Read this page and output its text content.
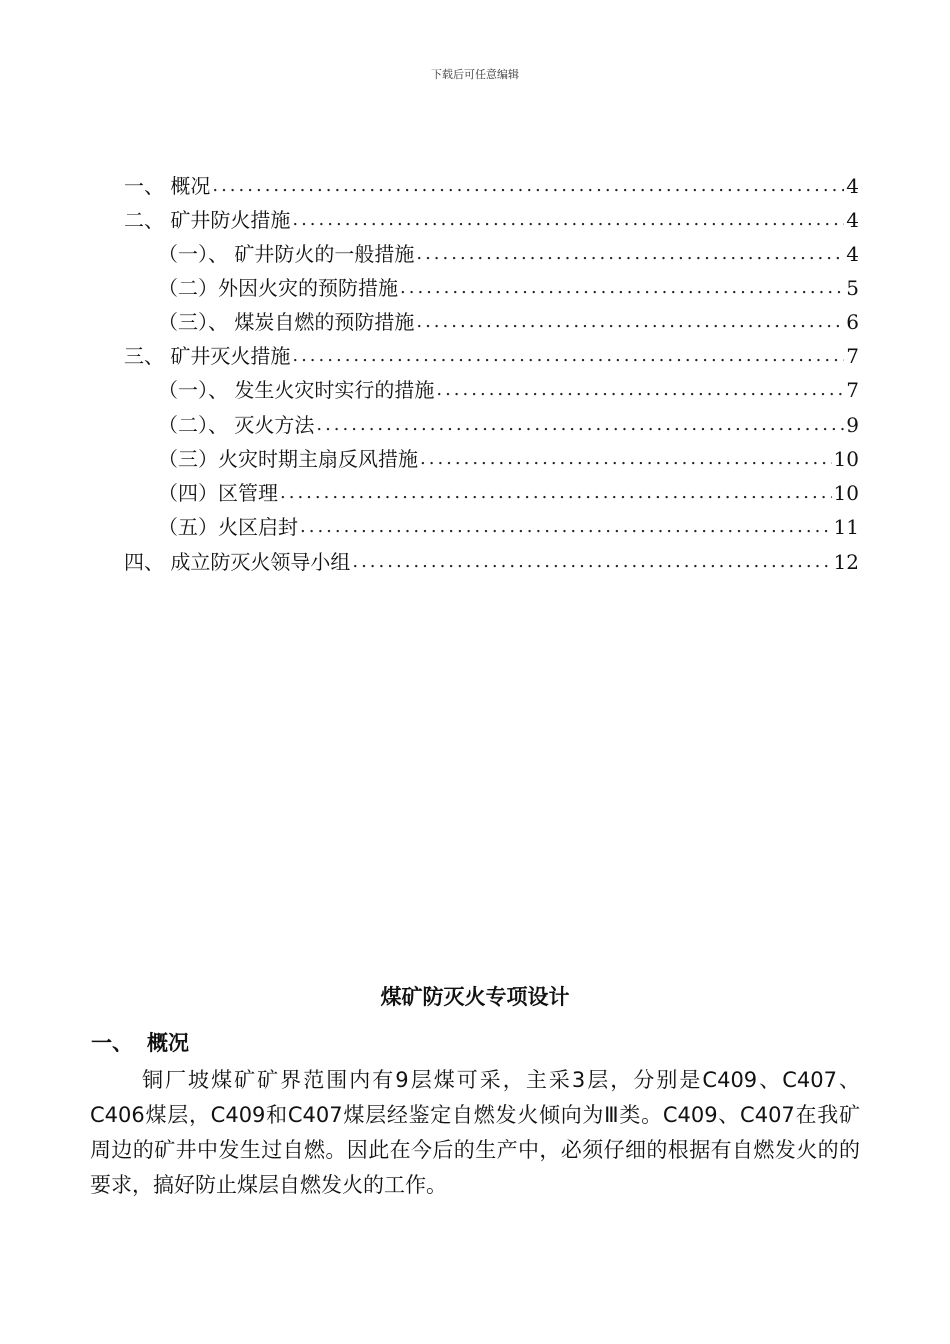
下载后可任意编辑
一、 概况 .....	4
二、 矿井防火措施 .....	4
（一）、 矿井防火的一般措施 .....	4
（二）外因火灾的预防措施 .....	5
（三）、 煤炭自燃的预防措施 .....	6
三、 矿井灭火措施 .....	7
（一）、 发生火灾时实行的措施 .....	7
（二）、 灭火方法 .....	9
（三）火灾时期主扇反风措施 .....	10
（四）区管理 .....	10
（五）火区启封 .....	11
四、 成立防灭火领导小组 .....	12
煤矿防灭火专项设计
一、 概况
铜厂坡煤矿矿界范围内有9层煤可采，主采3层，分别是C409、C407、 C406煤层，C409和C407煤层经鉴定自燃发火倾向为Ⅲ类。C409、C407在我矿周边的矿井中发生过自燃。因此在今后的生产中，必须仔细的根据有自燃发火的的要求，搞好防止煤层自燃发火的工作。
